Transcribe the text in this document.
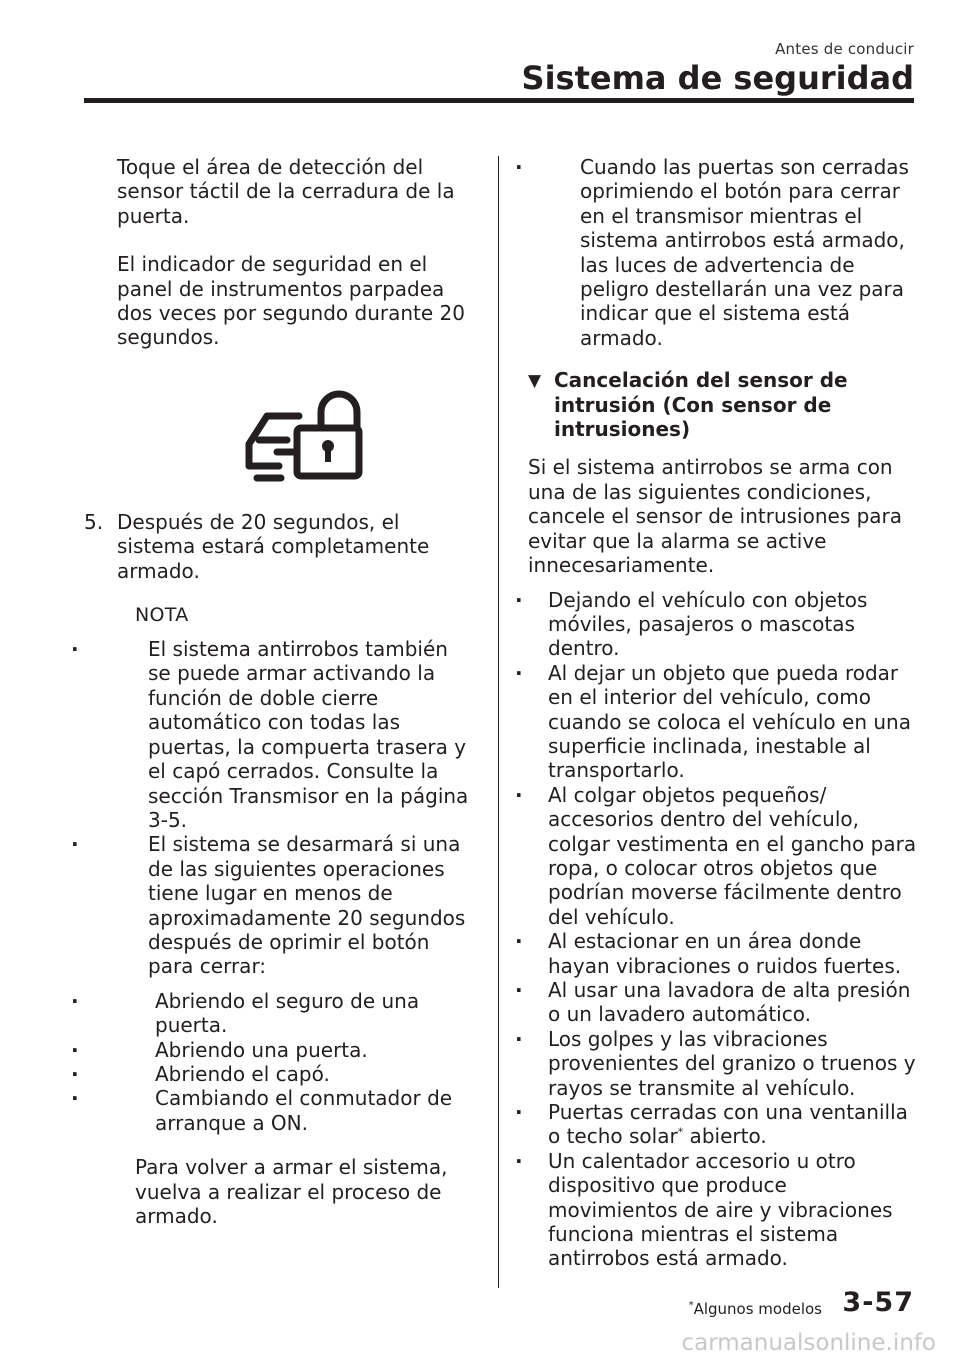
Antes de conducir
Sistema de seguridad

Toque el área de detección del sensor táctil de la cerradura de la puerta.

El indicador de seguridad en el panel de instrumentos parpadea dos veces por segundo durante 20 segundos.

5. Después de 20 segundos, el sistema estará completamente armado.
NOTA
· El sistema antirrobos también se puede armar activando la función de doble cierre automático con todas las puertas, la compuerta trasera y el capó cerrados. Consulte la sección Transmisor en la página 3-5.
· El sistema se desarmará si una de las siguientes operaciones tiene lugar en menos de aproximadamente 20 segundos después de oprimir el botón para cerrar:
· Abriendo el seguro de una puerta.
· Abriendo una puerta.
· Abriendo el capó.
· Cambiando el conmutador de arranque a ON.

Para volver a armar el sistema, vuelva a realizar el proceso de armado.

· Cuando las puertas son cerradas oprimiendo el botón para cerrar en el transmisor mientras el sistema antirrobos está armado, las luces de advertencia de peligro destellarán una vez para indicar que el sistema está armado.
▼ Cancelación del sensor de intrusión (Con sensor de intrusiones)

Si el sistema antirrobos se arma con una de las siguientes condiciones, cancele el sensor de intrusiones para evitar que la alarma se active innecesariamente.

· Dejando el vehículo con objetos móviles, pasajeros o mascotas dentro.
· Al dejar un objeto que pueda rodar en el interior del vehículo, como cuando se coloca el vehículo en una superficie inclinada, inestable al transportarlo.
· Al colgar objetos pequeños/ accesorios dentro del vehículo, colgar vestimenta en el gancho para ropa, o colocar otros objetos que podrían moverse fácilmente dentro del vehículo.
· Al estacionar en un área donde hayan vibraciones o ruidos fuertes.
· Al usar una lavadora de alta presión o un lavadero automático.
· Los golpes y las vibraciones provenientes del granizo o truenos y rayos se transmite al vehículo.
· Puertas cerradas con una ventanilla o techo solar* abierto.
· Un calentador accesorio u otro dispositivo que produce movimientos de aire y vibraciones funciona mientras el sistema antirrobos está armado.
*Algunos modelos 3-57
carmanualsonline.info
